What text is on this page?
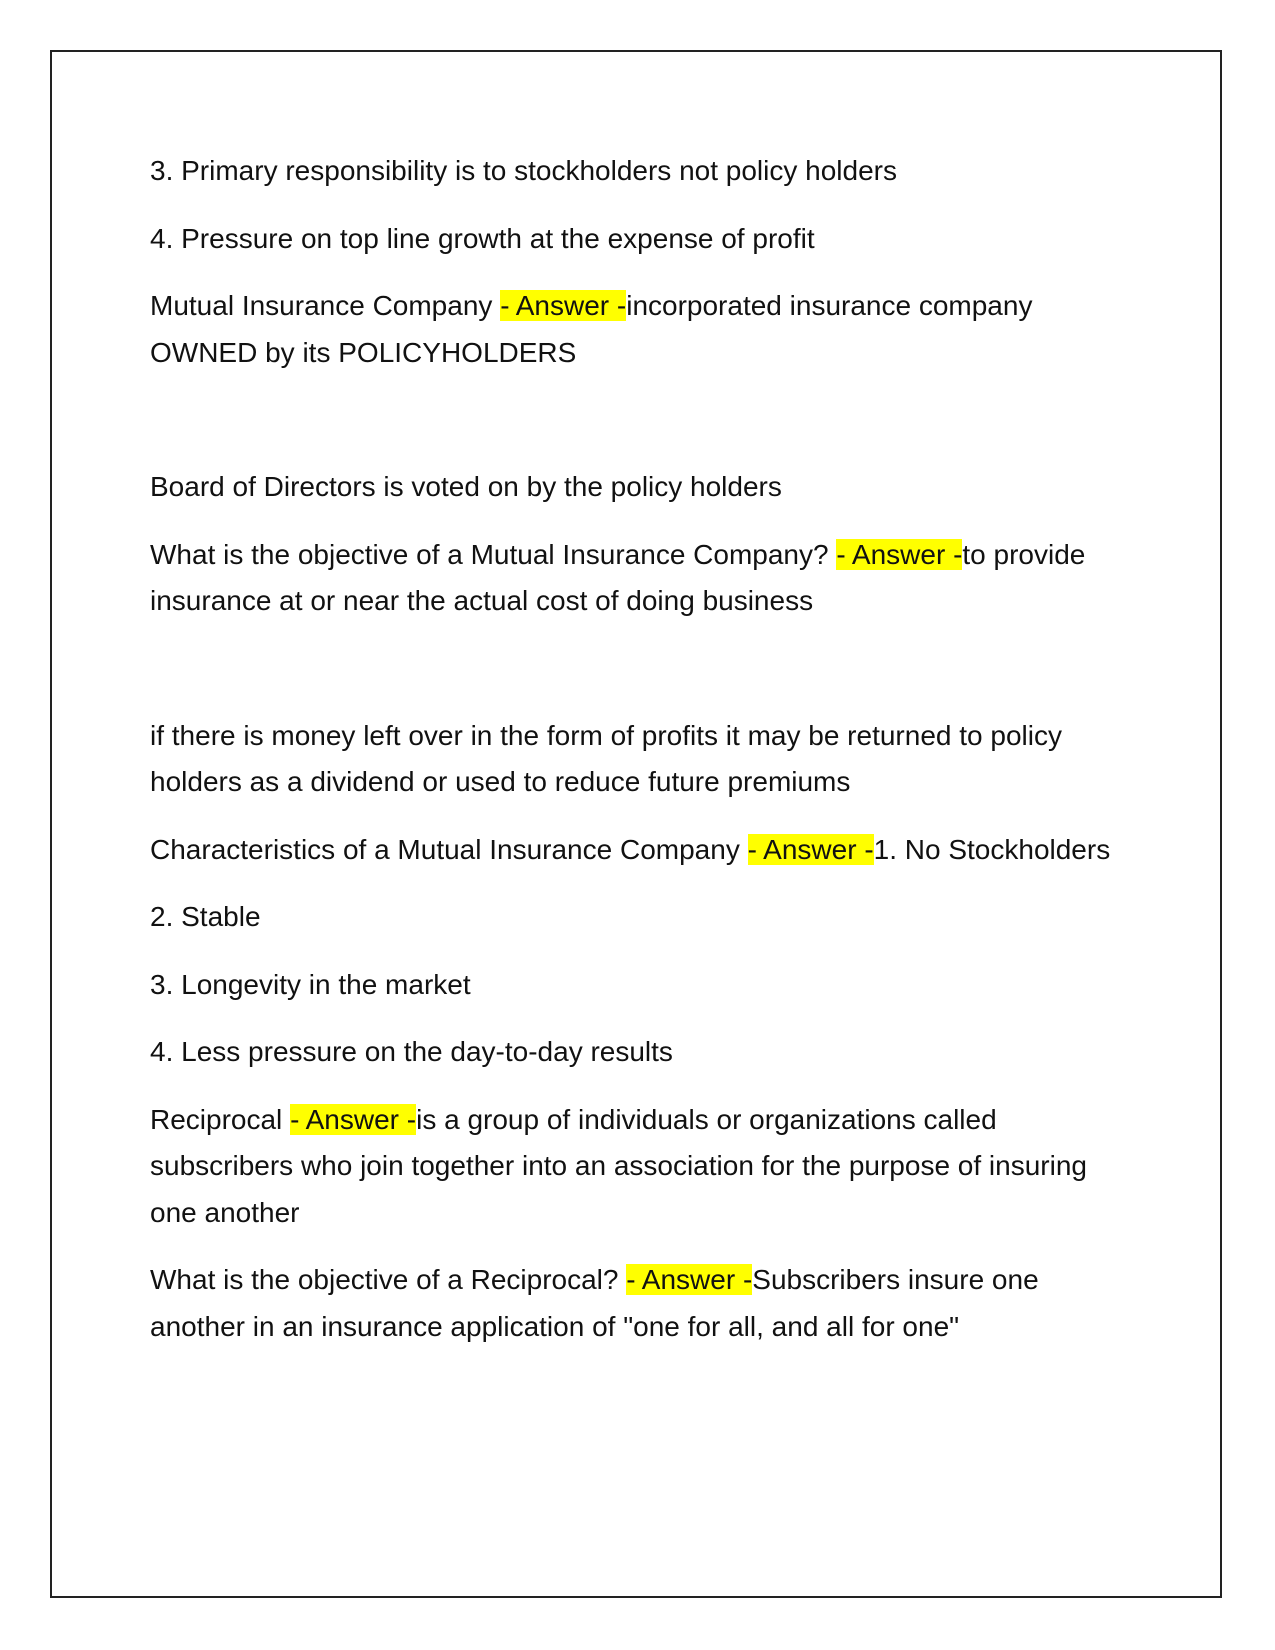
3. Primary responsibility is to stockholders not policy holders

4. Pressure on top line growth at the expense of profit

Mutual Insurance Company - Answer -incorporated insurance company OWNED by its POLICYHOLDERS

Board of Directors is voted on by the policy holders

What is the objective of a Mutual Insurance Company? - Answer -to provide insurance at or near the actual cost of doing business

if there is money left over in the form of profits it may be returned to policy holders as a dividend or used to reduce future premiums

Characteristics of a Mutual Insurance Company - Answer -1. No Stockholders

2. Stable

3. Longevity in the market

4. Less pressure on the day-to-day results

Reciprocal - Answer -is a group of individuals or organizations called subscribers who join together into an association for the purpose of insuring one another

What is the objective of a Reciprocal? - Answer -Subscribers insure one another in an insurance application of "one for all, and all for one"
